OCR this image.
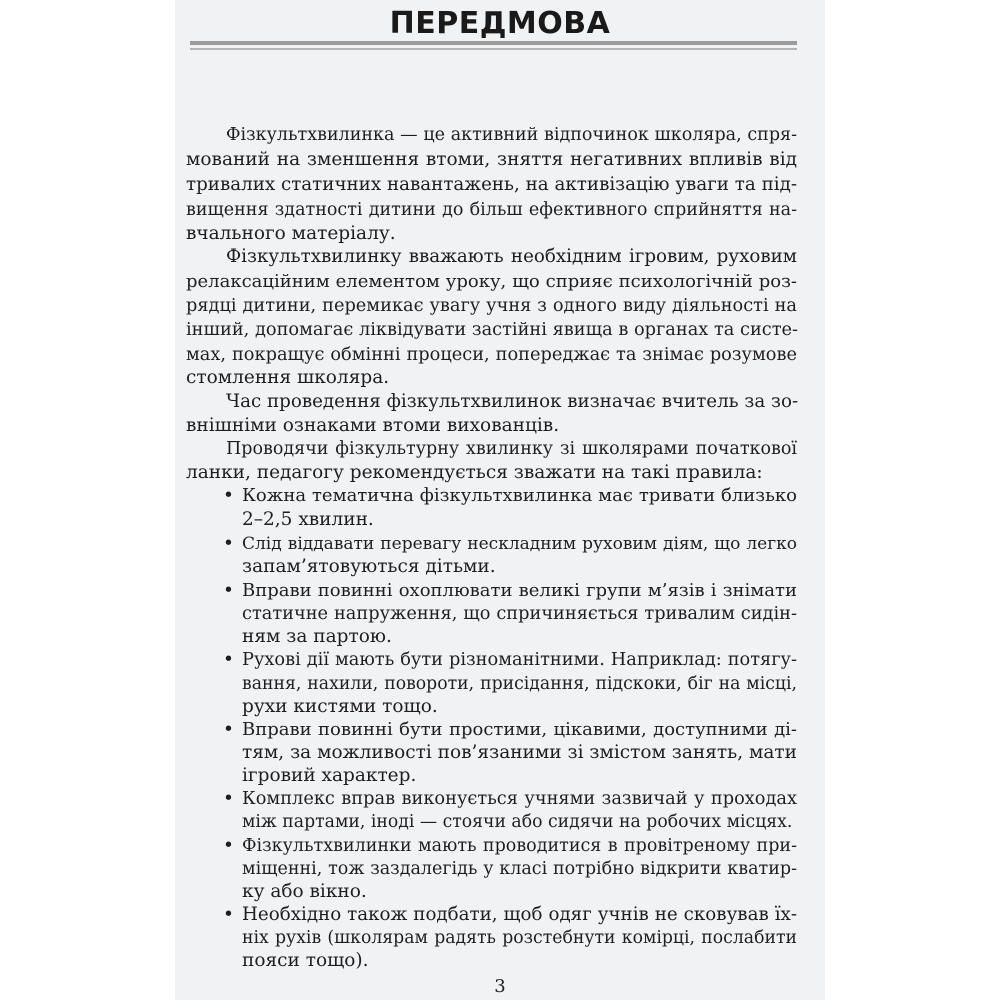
ПЕРЕДМОВА
Фізкультхвилинка — це активний відпочинок школяра, спря-
мований на зменшення втоми, зняття негативних впливів від
тривалих статичних навантажень, на активізацію уваги та під-
вищення здатності дитини до більш ефективного сприйняття на-
вчального матеріалу.
Фізкультхвилинку вважають необхідним ігровим, руховим
релаксаційним елементом уроку, що сприяє психологічній роз-
рядці дитини, перемикає увагу учня з одного виду діяльності на
інший, допомагає ліквідувати застійні явища в органах та систе-
мах, покращує обмінні процеси, попереджає та знімає розумове
стомлення школяра.
Час проведення фізкультхвилинок визначає вчитель за зо-
внішніми ознаками втоми вихованців.
Проводячи фізкультурну хвилинку зі школярами початкової
ланки, педагогу рекомендується зважати на такі правила:
• Кожна тематична фізкультхвилинка має тривати близько
2–2,5 хвилин.
• Слід віддавати перевагу нескладним руховим діям, що легко
запам’ятовуються дітьми.
• Вправи повинні охоплювати великі групи м’язів і знімати
статичне напруження, що спричиняється тривалим сидін-
ням за партою.
• Рухові дії мають бути різноманітними. Наприклад: потягу-
вання, нахили, повороти, присідання, підскоки, біг на місці,
рухи кистями тощо.
• Вправи повинні бути простими, цікавими, доступними ді-
тям, за можливості пов’язаними зі змістом занять, мати
ігровий характер.
• Комплекс вправ виконується учнями зазвичай у проходах
між партами, іноді — стоячи або сидячи на робочих місцях.
• Фізкультхвилинки мають проводитися в провітреному при-
міщенні, тож заздалегідь у класі потрібно відкрити кватир-
ку або вікно.
• Необхідно також подбати, щоб одяг учнів не сковував їх-
ніх рухів (школярам радять розстебнути комірці, послабити
пояси тощо).
3
